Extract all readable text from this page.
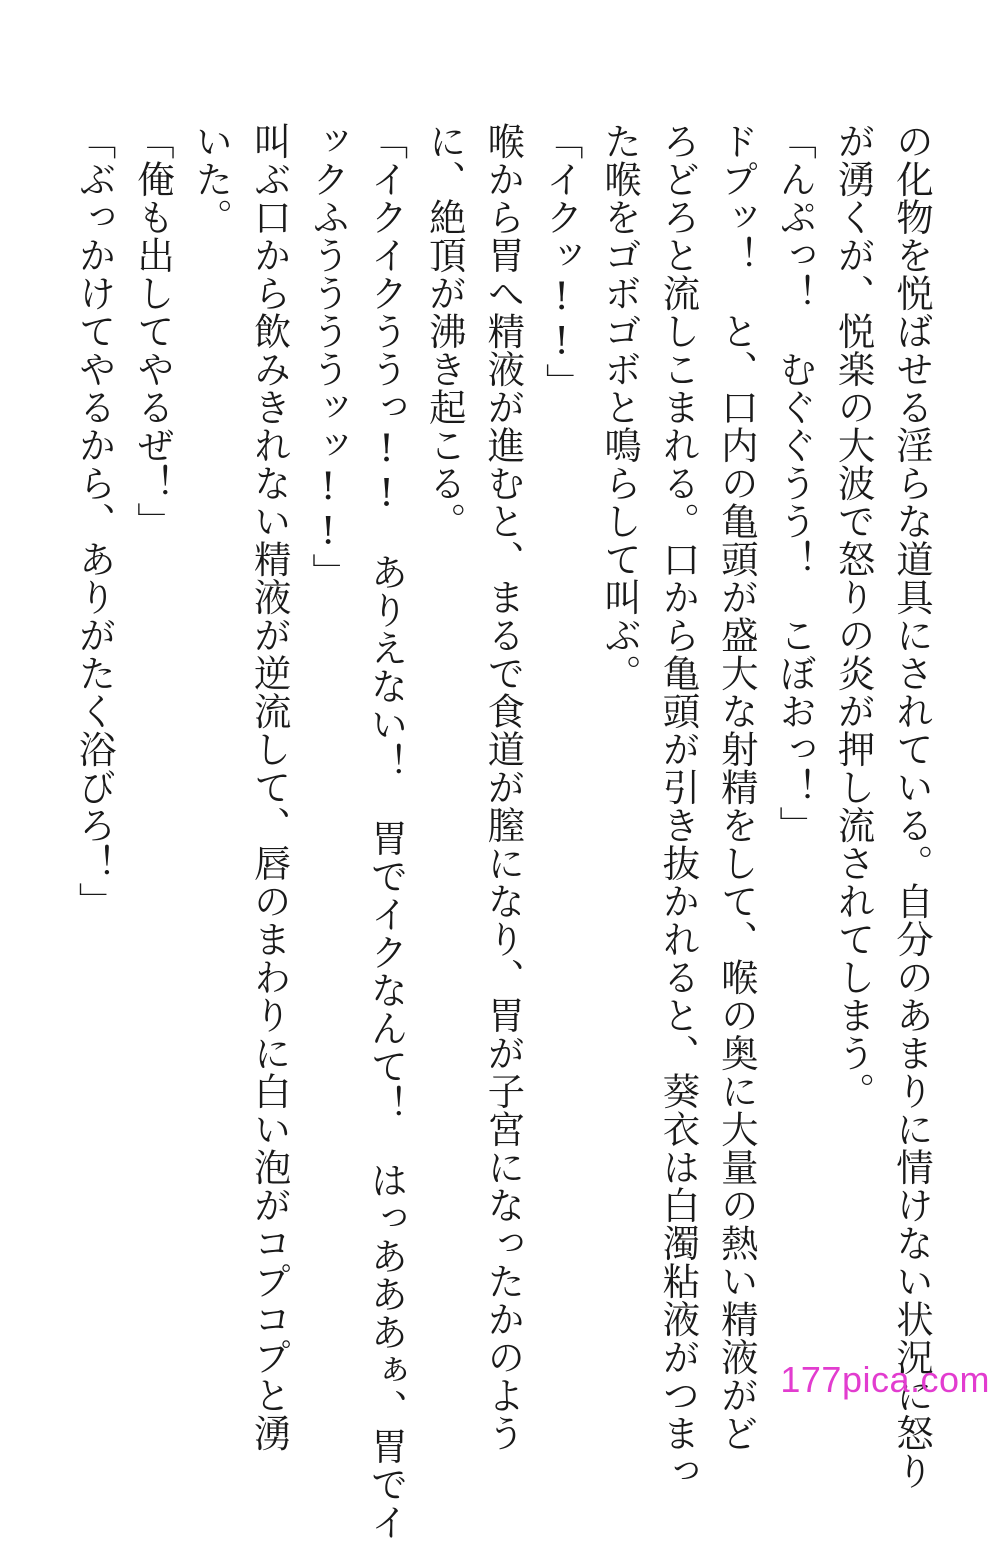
の化物を悦ばせる淫らな道具にされている。自分のあまりに情けない状況に怒り
が湧くが、悦楽の大波で怒りの炎が押し流されてしまう。
「んぷっ！　むぐぐうう！　こぼおっ！」
ドプッ！　と、口内の亀頭が盛大な射精をして、喉の奥に大量の熱い精液がど
ろどろと流しこまれる。口から亀頭が引き抜かれると、葵衣は白濁粘液がつまっ
た喉をゴボゴボと鳴らして叫ぶ。
「イクッ!!」
喉から胃へ精液が進むと、まるで食道が膣になり、胃が子宮になったかのよう
に、絶頂が沸き起こる。
「イクイクううっ!!　ありえない！　胃でイクなんて！　はっあああぁ、胃でイ
ックふううううッッ!!」
叫ぶ口から飲みきれない精液が逆流して、唇のまわりに白い泡がコプコプと湧
いた。
「俺も出してやるぜ！」
「ぶっかけてやるから、ありがたく浴びろ！」
177pica.com
